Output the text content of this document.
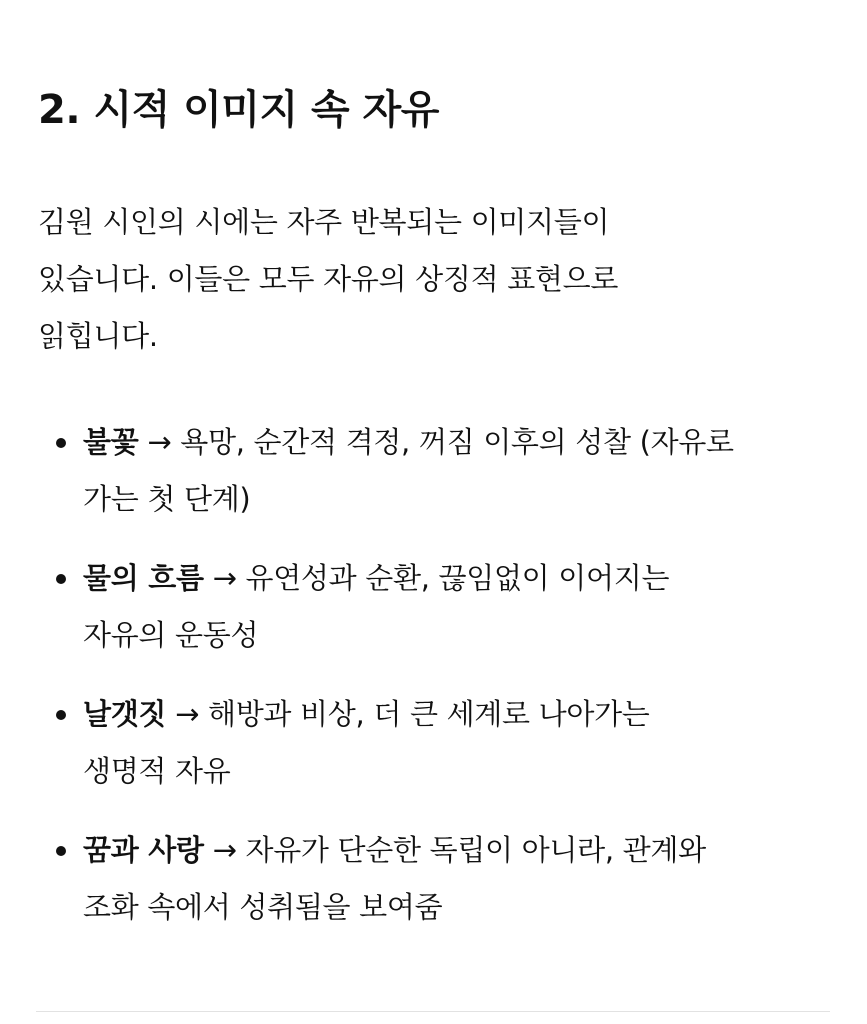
2. 시적 이미지 속 자유

김원 시인의 시에는 자주 반복되는 이미지들이
있습니다. 이들은 모두 자유의 상징적 표현으로
읽힙니다.

불꽃 → 욕망, 순간적 격정, 꺼짐 이후의 성찰 (자유로
가는 첫 단계)
물의 흐름 → 유연성과 순환, 끊임없이 이어지는
자유의 운동성
날갯짓 → 해방과 비상, 더 큰 세계로 나아가는
생명적 자유
꿈과 사랑 → 자유가 단순한 독립이 아니라, 관계와
조화 속에서 성취됨을 보여줌
